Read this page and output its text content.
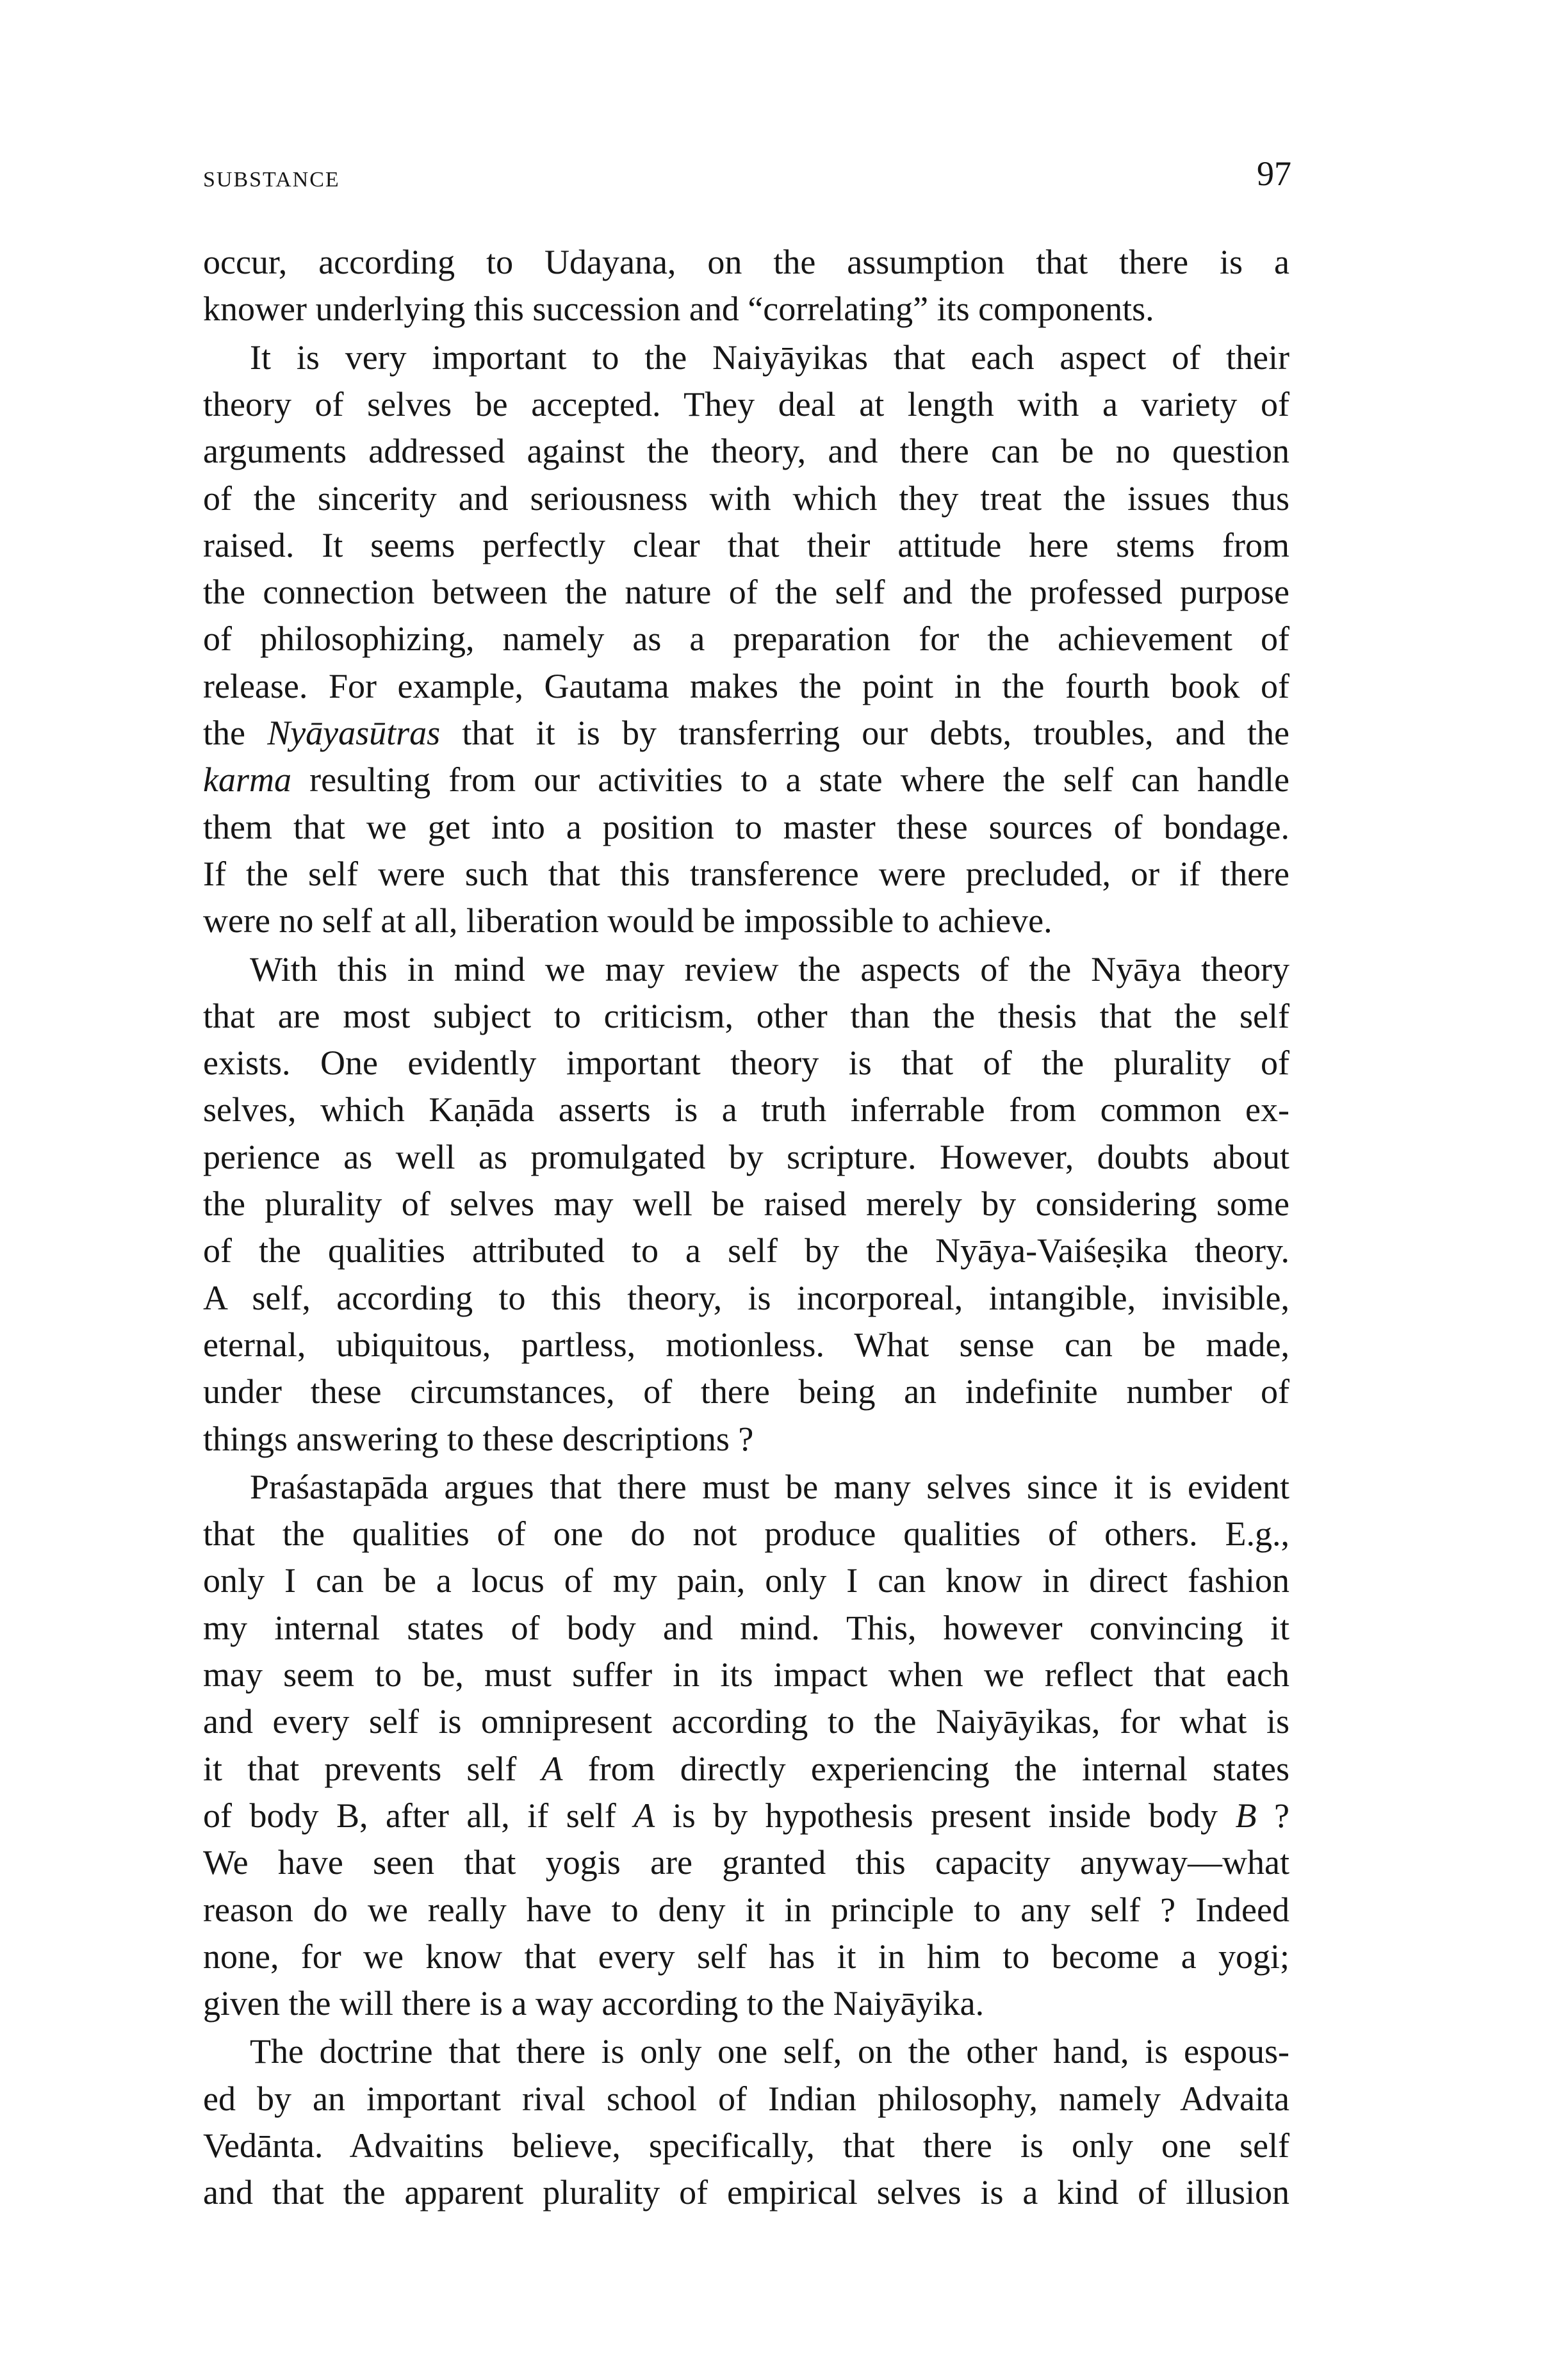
SUBSTANCE	97
occur, according to Udayana, on the assumption that there is a
knower underlying this succession and “correlating” its components.
It is very important to the Naiyāyikas that each aspect of their
theory of selves be accepted. They deal at length with a variety of
arguments addressed against the theory, and there can be no question
of the sincerity and seriousness with which they treat the issues thus
raised. It seems perfectly clear that their attitude here stems from
the connection between the nature of the self and the professed purpose
of philosophizing, namely as a preparation for the achievement of
release. For example, Gautama makes the point in the fourth book of
the Nyāyasūtras that it is by transferring our debts, troubles, and the
karma resulting from our activities to a state where the self can handle
them that we get into a position to master these sources of bondage.
If the self were such that this transference were precluded, or if there
were no self at all, liberation would be impossible to achieve.
With this in mind we may review the aspects of the Nyāya theory
that are most subject to criticism, other than the thesis that the self
exists. One evidently important theory is that of the plurality of
selves, which Kaṇāda asserts is a truth inferrable from common ex-
perience as well as promulgated by scripture. However, doubts about
the plurality of selves may well be raised merely by considering some
of the qualities attributed to a self by the Nyāya-Vaiśeṣika theory.
A self, according to this theory, is incorporeal, intangible, invisible,
eternal, ubiquitous, partless, motionless. What sense can be made,
under these circumstances, of there being an indefinite number of
things answering to these descriptions ?
Praśastapāda argues that there must be many selves since it is evident
that the qualities of one do not produce qualities of others. E.g.,
only I can be a locus of my pain, only I can know in direct fashion
my internal states of body and mind. This, however convincing it
may seem to be, must suffer in its impact when we reflect that each
and every self is omnipresent according to the Naiyāyikas, for what is
it that prevents self A from directly experiencing the internal states
of body B, after all, if self A is by hypothesis present inside body B ?
We have seen that yogis are granted this capacity anyway—what
reason do we really have to deny it in principle to any self ? Indeed
none, for we know that every self has it in him to become a yogi;
given the will there is a way according to the Naiyāyika.
The doctrine that there is only one self, on the other hand, is espous-
ed by an important rival school of Indian philosophy, namely Advaita
Vedānta. Advaitins believe, specifically, that there is only one self
and that the apparent plurality of empirical selves is a kind of illusion
